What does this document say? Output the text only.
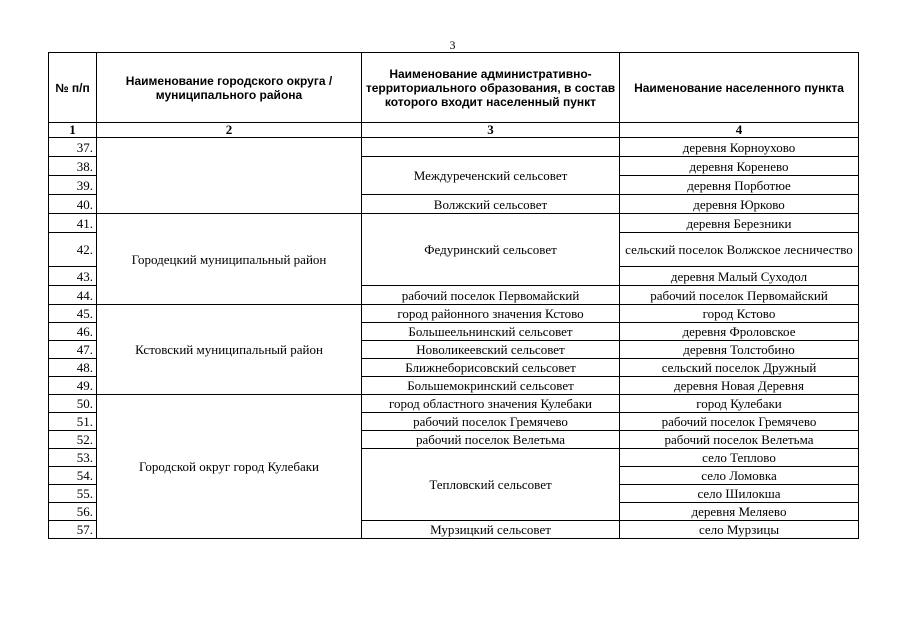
3
№ п/п	Наименование городского округа / муниципального района	Наименование административно-территориального образования, в состав которого входит населенный пункт	Наименование населенного пункта
1	2	3	4
37.			деревня Корноухово
38.		Междуреченский сельсовет	деревня Коренево
39.			деревня Порботюе
40.		Волжский сельсовет	деревня Юрково
41.	Городецкий муниципальный район	Федуринский сельсовет	деревня Березники
42.			сельский поселок Волжское лесничество
43.			деревня Малый Суходол
44.		рабочий поселок Первомайский	рабочий поселок Первомайский
45.	Кстовский муниципальный район	город районного значения Кстово	город Кстово
46.		Большеельнинский сельсовет	деревня Фроловское
47.		Новоликеевский сельсовет	деревня Толстобино
48.		Ближнеборисовский сельсовет	сельский поселок Дружный
49.		Большемокринский сельсовет	деревня Новая Деревня
50.	Городской округ город Кулебаки	город областного значения Кулебаки	город Кулебаки
51.		рабочий поселок Гремячево	рабочий поселок Гремячево
52.		рабочий поселок Велетьма	рабочий поселок Велетьма
53.		Тепловский сельсовет	село Теплово
54.			село Ломовка
55.			село Шилокша
56.			деревня Меляево
57.		Мурзицкий сельсовет	село Мурзицы
